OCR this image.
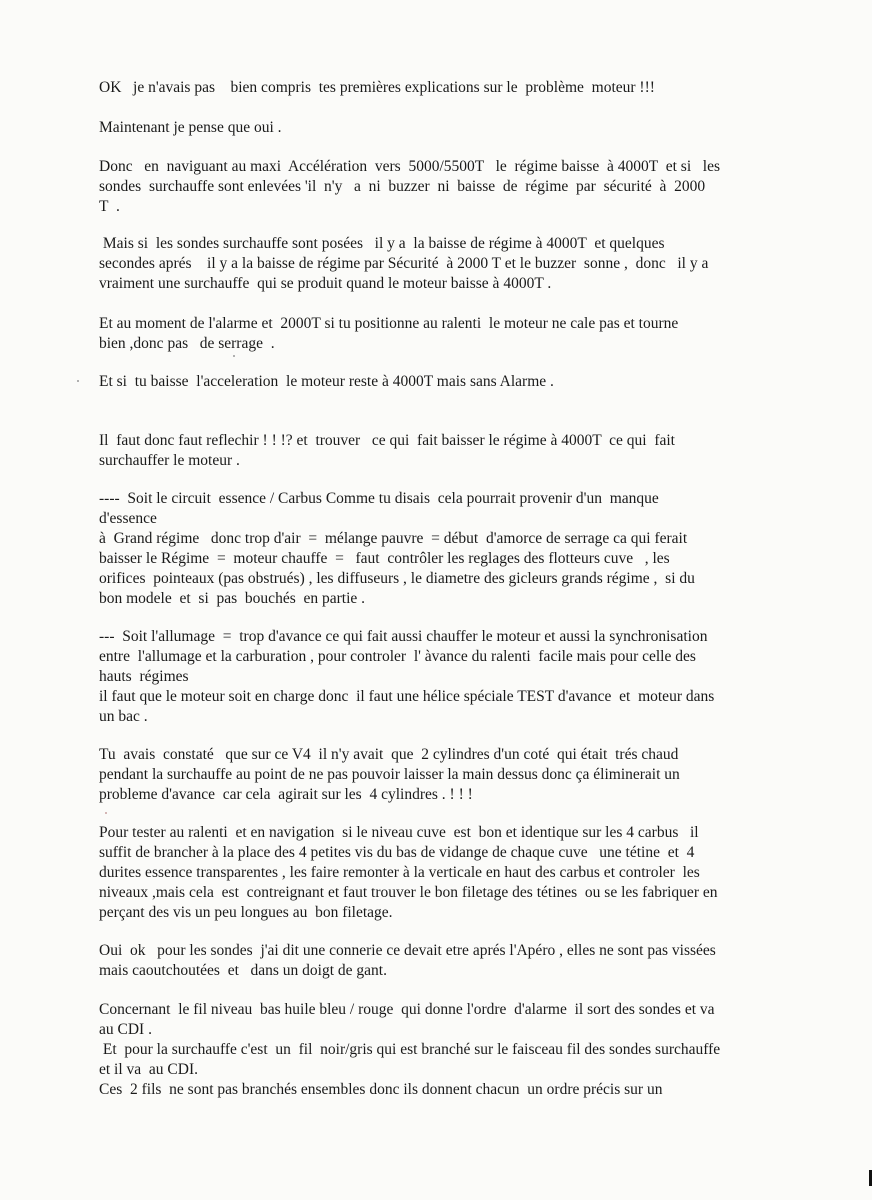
OK   je n'avais pas    bien compris  tes premières explications sur le  problème  moteur !!!

Maintenant je pense que oui .

Donc   en  naviguant au maxi  Accélération  vers  5000/5500T   le  régime baisse  à 4000T  et si   les
sondes  surchauffe sont enlevées 'il  n'y   a  ni  buzzer  ni  baisse  de  régime  par  sécurité  à  2000
T  .

Mais si  les sondes surchauffe sont posées   il y a  la baisse de régime à 4000T  et quelques
secondes aprés    il y a la baisse de régime par Sécurité  à 2000 T et le buzzer  sonne ,  donc   il y a
vraiment une surchauffe  qui se produit quand le moteur baisse à 4000T .

Et au moment de l'alarme et  2000T si tu positionne au ralenti  le moteur ne cale pas et tourne
bien ,donc pas   de serrage  .

Et si  tu baisse  l'acceleration  le moteur reste à 4000T mais sans Alarme .

Il  faut donc faut reflechir ! ! !? et  trouver   ce qui  fait baisser le régime à 4000T  ce qui  fait
surchauffer le moteur .

----  Soit le circuit  essence / Carbus Comme tu disais  cela pourrait provenir d'un  manque
d'essence
à  Grand régime   donc trop d'air  =  mélange pauvre  = début  d'amorce de serrage ca qui ferait
baisser le Régime  =  moteur chauffe  =   faut  contrôler les reglages des flotteurs cuve   , les
orifices  pointeaux (pas obstrués) , les diffuseurs , le diametre des gicleurs grands régime ,  si du
bon modele  et  si  pas  bouchés  en partie .

---  Soit l'allumage  =  trop d'avance ce qui fait aussi chauffer le moteur et aussi la synchronisation
entre  l'allumage et la carburation , pour controler  l' àvance du ralenti  facile mais pour celle des
hauts  régimes
il faut que le moteur soit en charge donc  il faut une hélice spéciale TEST d'avance  et  moteur dans
un bac .

Tu  avais  constaté   que sur ce V4  il n'y avait  que  2 cylindres d'un coté  qui était  trés chaud
pendant la surchauffe au point de ne pas pouvoir laisser la main dessus donc ça éliminerait un
probleme d'avance  car cela  agirait sur les  4 cylindres . ! ! !

Pour tester au ralenti  et en navigation  si le niveau cuve  est  bon et identique sur les 4 carbus   il
suffit de brancher à la place des 4 petites vis du bas de vidange de chaque cuve   une tétine  et  4
durites essence transparentes , les faire remonter à la verticale en haut des carbus et controler  les
niveaux ,mais cela  est  contreignant et faut trouver le bon filetage des tétines  ou se les fabriquer en
perçant des vis un peu longues au  bon filetage.

Oui  ok   pour les sondes  j'ai dit une connerie ce devait etre aprés l'Apéro , elles ne sont pas vissées
mais caoutchoutées  et   dans un doigt de gant.

Concernant  le fil niveau  bas huile bleu / rouge  qui donne l'ordre  d'alarme  il sort des sondes et va
au CDI .
Et  pour la surchauffe c'est  un  fil  noir/gris qui est branché sur le faisceau fil des sondes surchauffe
et il va  au CDI.
Ces  2 fils  ne sont pas branchés ensembles donc ils donnent chacun  un ordre précis sur un
